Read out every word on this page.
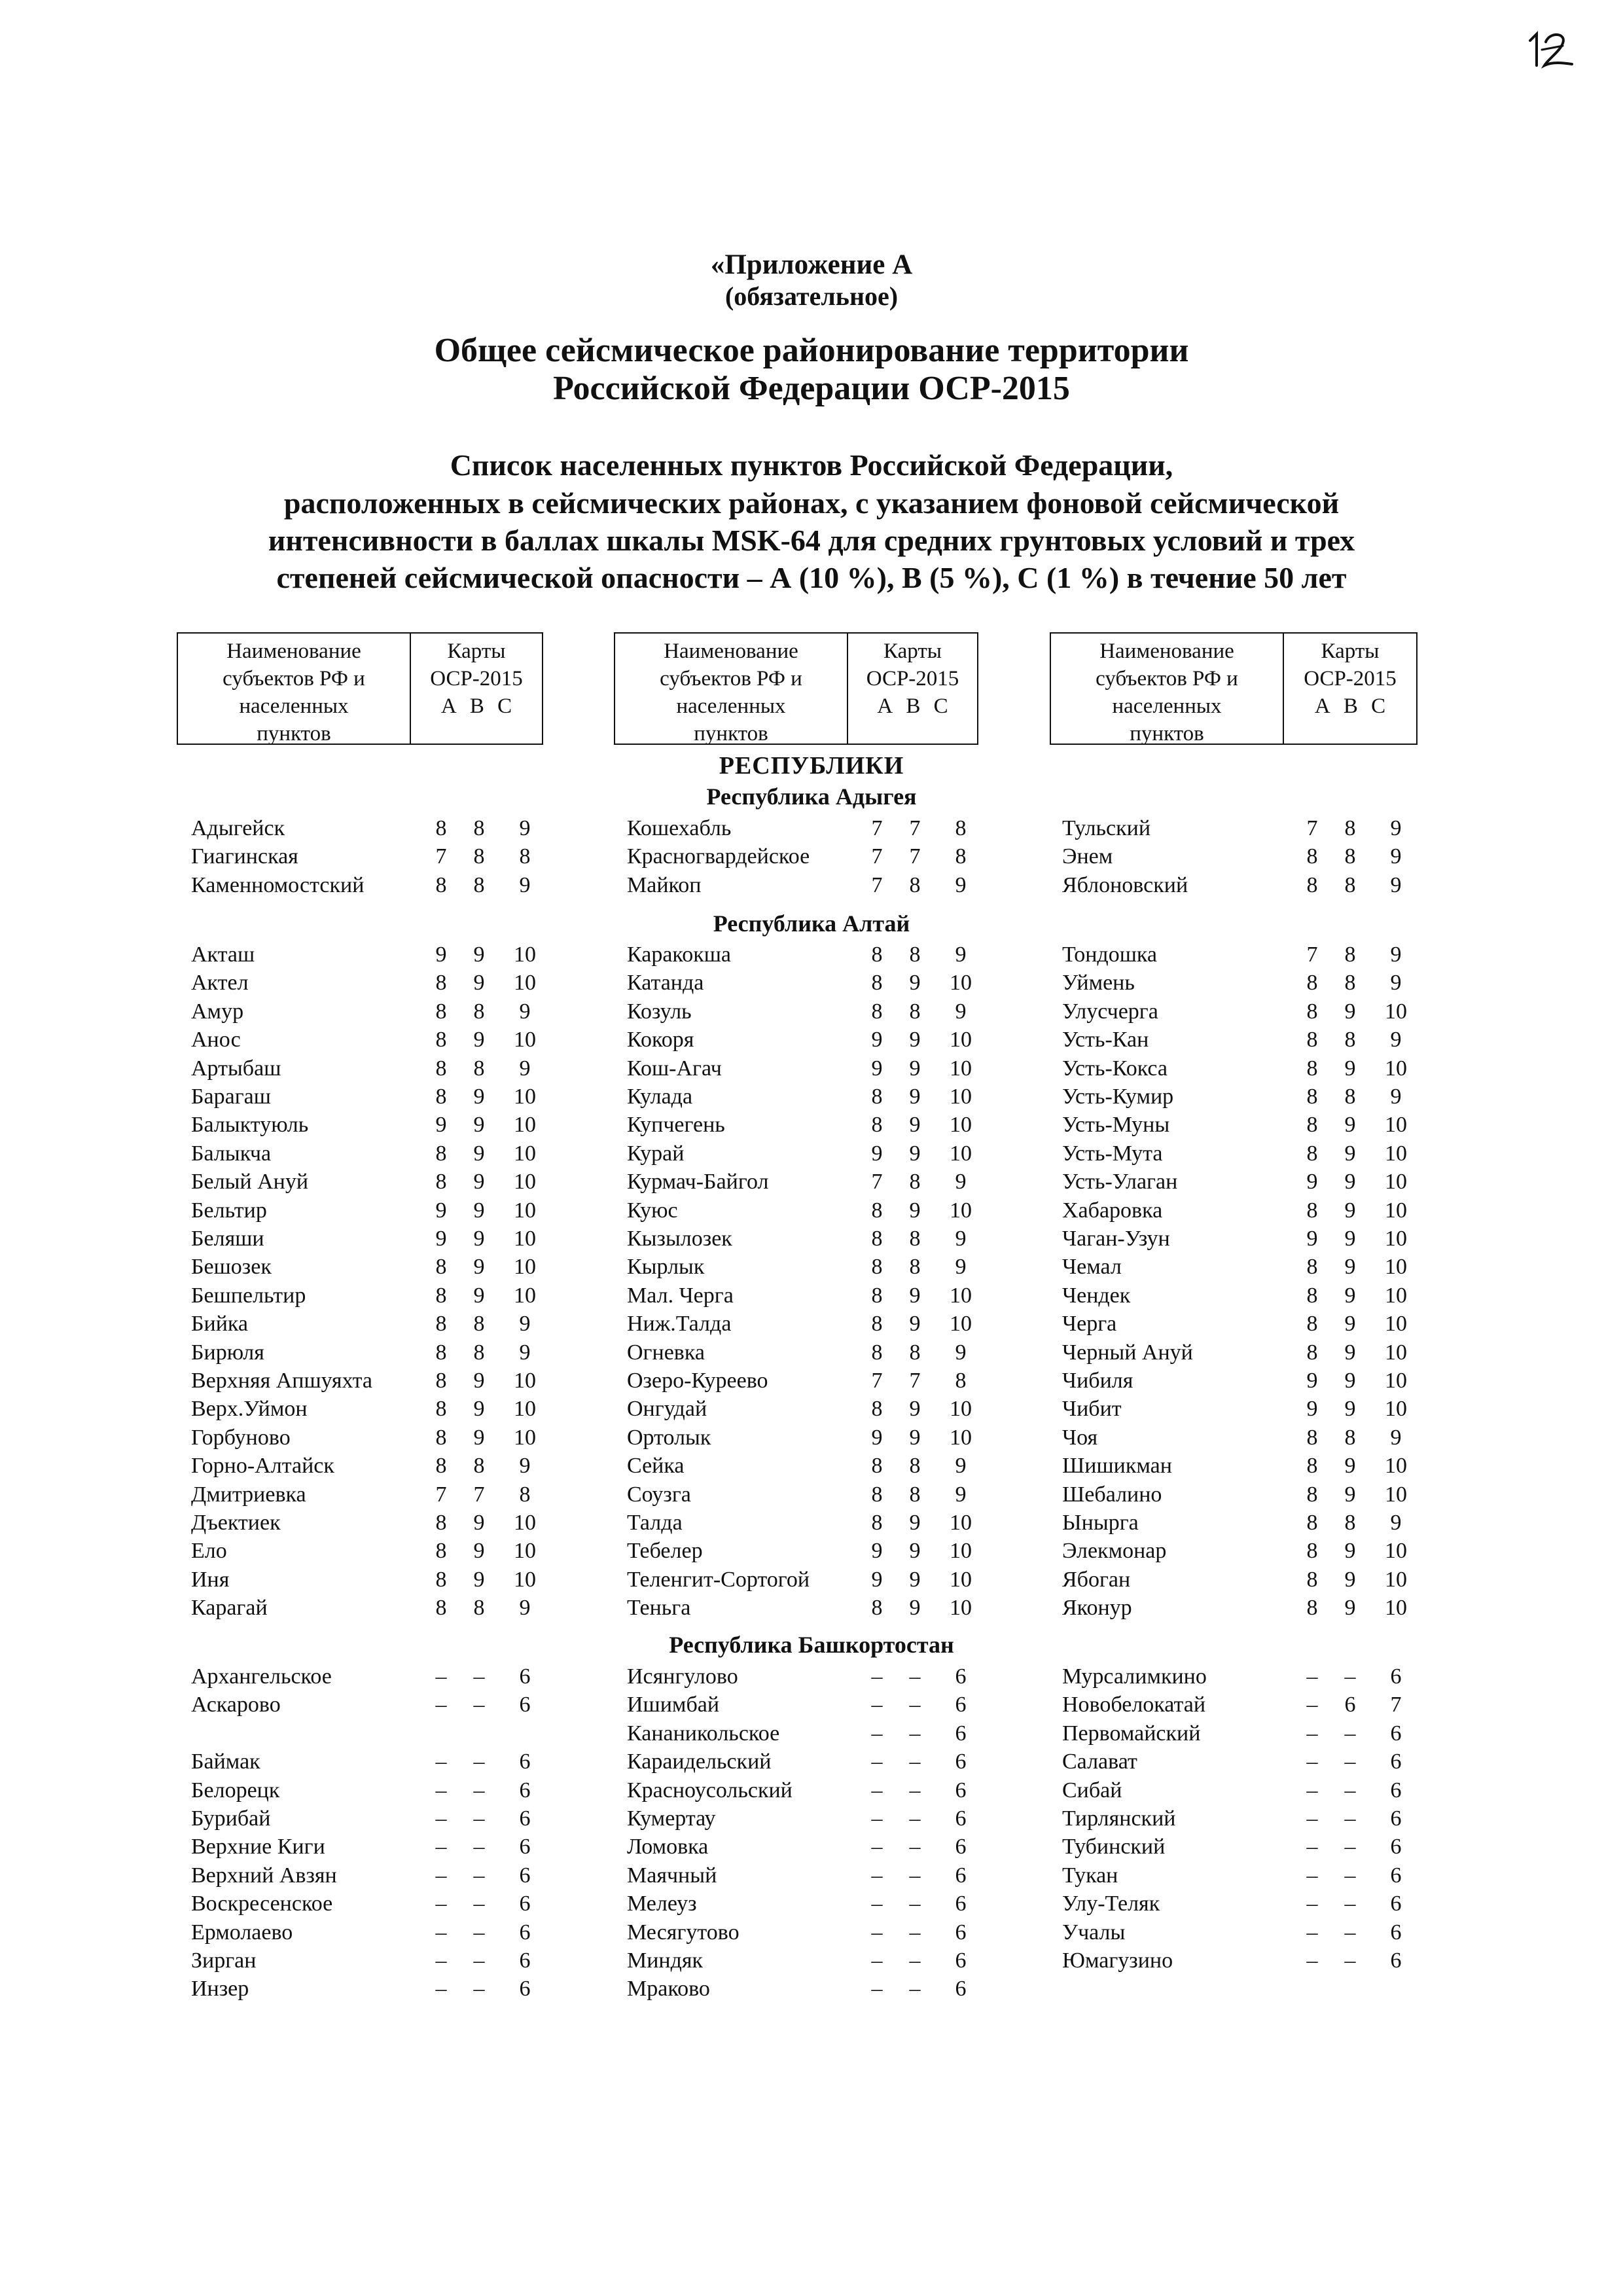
«Приложение А
(обязательное)
Общее сейсмическое районирование территории
Российской Федерации ОСР-2015
Список населенных пунктов Российской Федерации,
расположенных в сейсмических районах, с указанием фоновой сейсмической
интенсивности в баллах шкалы MSK-64 для средних грунтовых условий и трех
степеней сейсмической опасности – А (10 %), В (5 %), С (1 %) в течение 50 лет
Наименование
субъектов РФ и
населенных
пунктов
Карты
ОСР-2015
А В С
Наименование
субъектов РФ и
населенных
пунктов
Карты
ОСР-2015
А В С
Наименование
субъектов РФ и
населенных
пунктов
Карты
ОСР-2015
А В С
РЕСПУБЛИКИ
Республика Адыгея
Республика Алтай
Республика Башкортостан
Адыгейск	8	8	9
Гиагинская	7	8	8
Каменномостский	8	8	9
Кошехабль	7	7	8
Красногвардейское	7	7	8
Майкоп	7	8	9
Тульский	7	8	9
Энем	8	8	9
Яблоновский	8	8	9
Акташ	9	9	10
Актел	8	9	10
Амур	8	8	9
Анос	8	9	10
Артыбаш	8	8	9
Барагаш	8	9	10
Балыктуюль	9	9	10
Балыкча	8	9	10
Белый Ануй	8	9	10
Бельтир	9	9	10
Беляши	9	9	10
Бешозек	8	9	10
Бешпельтир	8	9	10
Бийка	8	8	9
Бирюля	8	8	9
Верхняя Апшуяхта	8	9	10
Верх.Уймон	8	9	10
Горбуново	8	9	10
Горно-Алтайск	8	8	9
Дмитриевка	7	7	8
Дъектиек	8	9	10
Ело	8	9	10
Иня	8	9	10
Карагай	8	8	9
Каракокша	8	8	9
Катанда	8	9	10
Козуль	8	8	9
Кокоря	9	9	10
Кош-Агач	9	9	10
Кулада	8	9	10
Купчегень	8	9	10
Курай	9	9	10
Курмач-Байгол	7	8	9
Куюс	8	9	10
Кызылозек	8	8	9
Кырлык	8	8	9
Мал. Черга	8	9	10
Ниж.Талда	8	9	10
Огневка	8	8	9
Озеро-Куреево	7	7	8
Онгудай	8	9	10
Ортолык	9	9	10
Сейка	8	8	9
Соузга	8	8	9
Талда	8	9	10
Тебелер	9	9	10
Теленгит-Сортогой	9	9	10
Теньга	8	9	10
Тондошка	7	8	9
Уймень	8	8	9
Улусчерга	8	9	10
Усть-Кан	8	8	9
Усть-Кокса	8	9	10
Усть-Кумир	8	8	9
Усть-Муны	8	9	10
Усть-Мута	8	9	10
Усть-Улаган	9	9	10
Хабаровка	8	9	10
Чаган-Узун	9	9	10
Чемал	8	9	10
Чендек	8	9	10
Черга	8	9	10
Черный Ануй	8	9	10
Чибиля	9	9	10
Чибит	9	9	10
Чоя	8	8	9
Шишикман	8	9	10
Шебалино	8	9	10
Ынырга	8	8	9
Элекмонар	8	9	10
Ябоган	8	9	10
Яконур	8	9	10
Архангельское	–	–	6
Аскарово	–	–	6
Баймак	–	–	6
Белорецк	–	–	6
Бурибай	–	–	6
Верхние Киги	–	–	6
Верхний Авзян	–	–	6
Воскресенское	–	–	6
Ермолаево	–	–	6
Зирган	–	–	6
Инзер	–	–	6
Исянгулово	–	–	6
Ишимбай	–	–	6
Кананикольское	–	–	6
Караидельский	–	–	6
Красноусольский	–	–	6
Кумертау	–	–	6
Ломовка	–	–	6
Маячный	–	–	6
Мелеуз	–	–	6
Месягутово	–	–	6
Миндяк	–	–	6
Мраково	–	–	6
Мурсалимкино	–	–	6
Новобелокатай	–	6	7
Первомайский	–	–	6
Салават	–	–	6
Сибай	–	–	6
Тирлянский	–	–	6
Тубинский	–	–	6
Тукан	–	–	6
Улу-Теляк	–	–	6
Учалы	–	–	6
Юмагузино	–	–	6
